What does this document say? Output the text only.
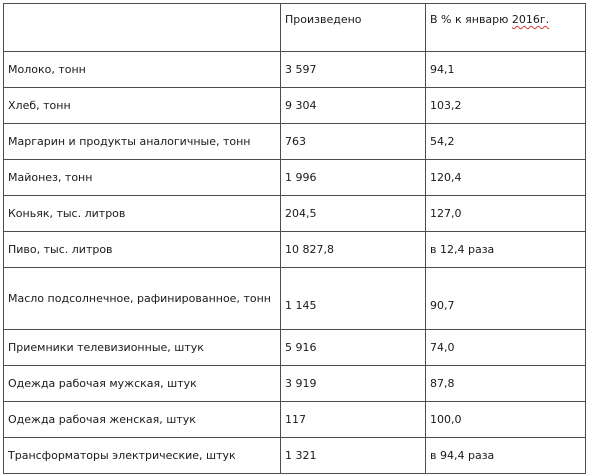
	Произведено	В % к январю 2016г.
Молоко, тонн	3 597	94,1
Хлеб, тонн	9 304	103,2
Маргарин и продукты аналогичные, тонн	763	54,2
Майонез, тонн	1 996	120,4
Коньяк, тыс. литров	204,5	127,0
Пиво, тыс. литров	10 827,8	в 12,4 раза
Масло подсолнечное, рафинированное, тонн	1 145	90,7
Приемники телевизионные, штук	5 916	74,0
Одежда рабочая мужская, штук	3 919	87,8
Одежда рабочая женская, штук	117	100,0
Трансформаторы электрические, штук	1 321	в 94,4 раза
